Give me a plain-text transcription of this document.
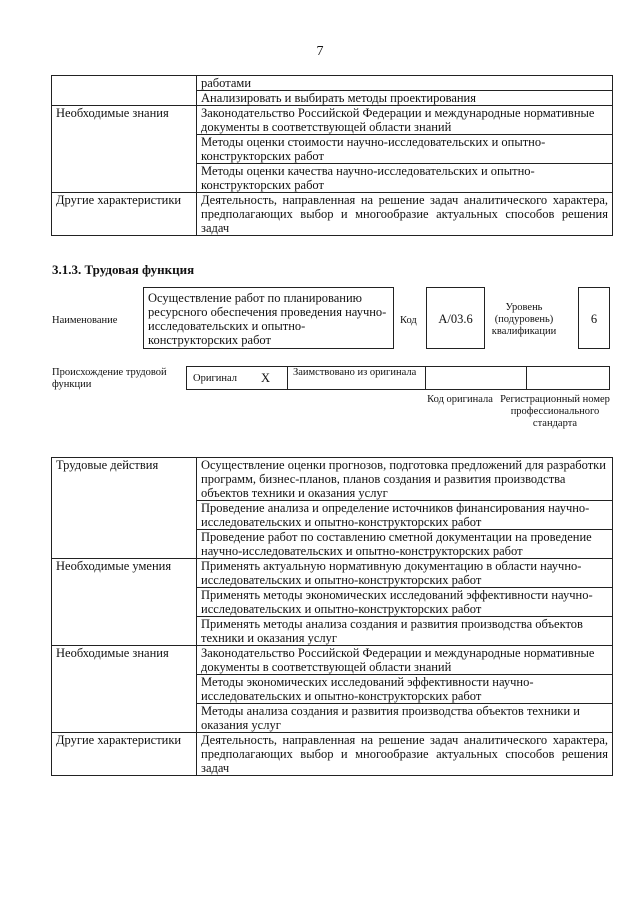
7
	работами
	Анализировать и выбирать методы проектирования
Необходимые знания	Законодательство Российской Федерации и международные нормативные документы в соответствующей области знаний
	Методы оценки стоимости научно-исследовательских и опытно-конструкторских работ
	Методы оценки качества научно-исследовательских и опытно-конструкторских работ
Другие характеристики	Деятельность, направленная на решение задач аналитического характера, предполагающих выбор и многообразие актуальных способов решения задач
3.1.3. Трудовая функция
Наименование
Осуществление работ по планированию ресурсного обеспечения проведения научно-исследовательских и опытно-конструкторских работ
Код	A/03.6
Уровень (подуровень) квалификации
6
Происхождение трудовой функции
Оригинал X Заимствовано из оригинала
Код оригинала Регистрационный номер профессионального стандарта
Трудовые действия	Осуществление оценки прогнозов, подготовка предложений для разработки программ, бизнес-планов, планов создания и развития производства объектов техники и оказания услуг
	Проведение анализа и определение источников финансирования научно-исследовательских и опытно-конструкторских работ
	Проведение работ по составлению сметной документации на проведение научно-исследовательских и опытно-конструкторских работ
Необходимые умения	Применять актуальную нормативную документацию в области научно-исследовательских и опытно-конструкторских работ
	Применять методы экономических исследований эффективности научно-исследовательских и опытно-конструкторских работ
	Применять методы анализа создания и развития производства объектов техники и оказания услуг
Необходимые знания	Законодательство Российской Федерации и международные нормативные документы в соответствующей области знаний
	Методы экономических исследований эффективности научно-исследовательских и опытно-конструкторских работ
	Методы анализа создания и развития производства объектов техники и оказания услуг
Другие характеристики	Деятельность, направленная на решение задач аналитического характера, предполагающих выбор и многообразие актуальных способов решения задач
